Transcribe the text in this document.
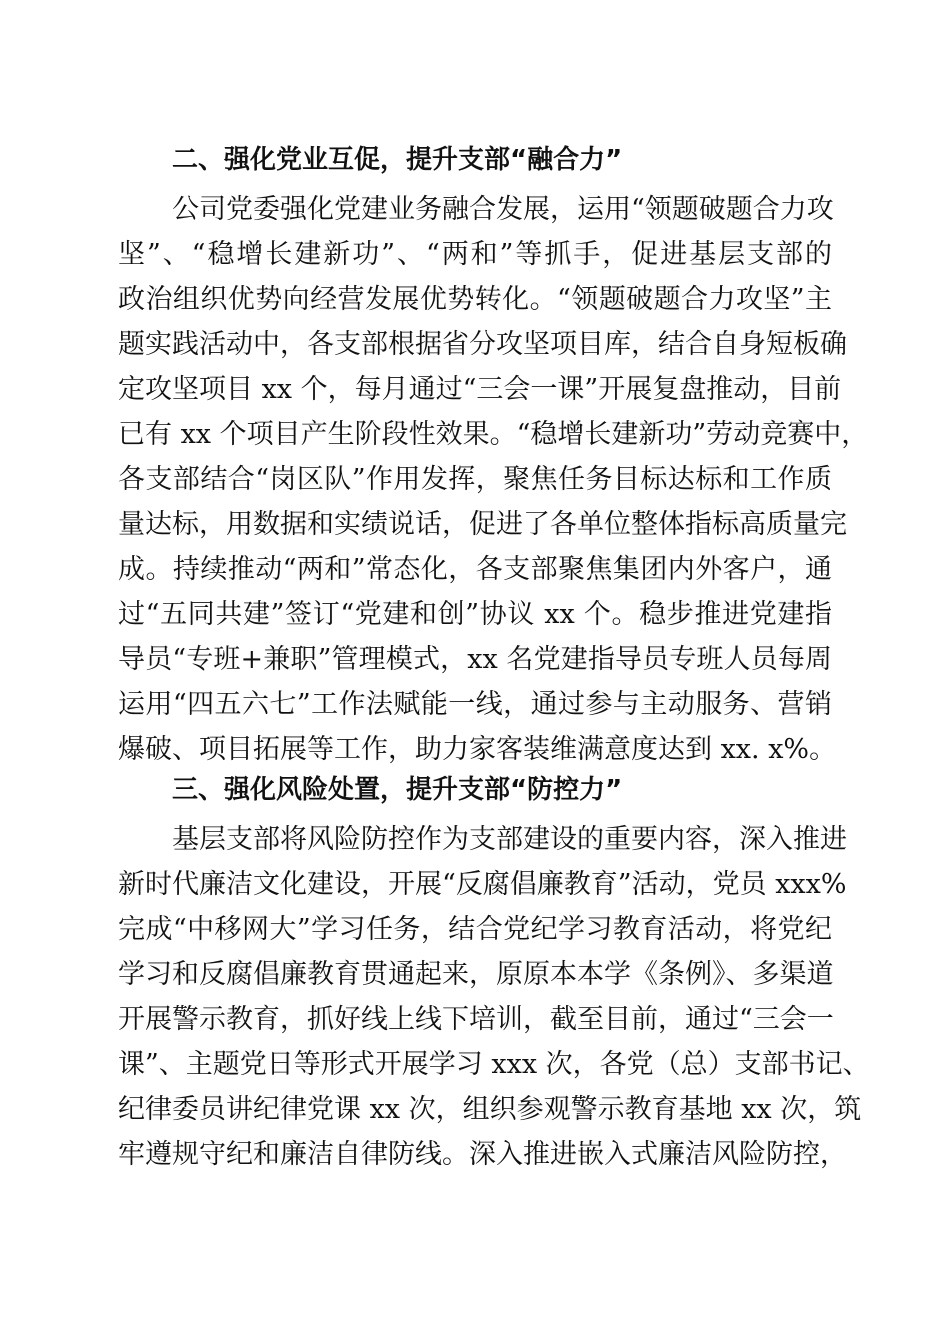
二、强化党业互促，提升支部“融合力”
公司党委强化党建业务融合发展，运用“领题破题合力攻
坚”、“稳增长建新功”、“两和”等抓手，促进基层支部的
政治组织优势向经营发展优势转化。“领题破题合力攻坚”主
题实践活动中，各支部根据省分攻坚项目库，结合自身短板确
定攻坚项目 xx 个，每月通过“三会一课”开展复盘推动，目前
已有 xx 个项目产生阶段性效果。“稳增长建新功”劳动竞赛中，
各支部结合“岗区队”作用发挥，聚焦任务目标达标和工作质
量达标，用数据和实绩说话，促进了各单位整体指标高质量完
成。持续推动“两和”常态化，各支部聚焦集团内外客户，通
过“五同共建”签订“党建和创”协议 xx 个。稳步推进党建指
导员“专班+兼职”管理模式，xx 名党建指导员专班人员每周
运用“四五六七”工作法赋能一线，通过参与主动服务、营销
爆破、项目拓展等工作，助力家客装维满意度达到 xx. x%。
三、强化风险处置，提升支部“防控力”
基层支部将风险防控作为支部建设的重要内容，深入推进
新时代廉洁文化建设，开展“反腐倡廉教育”活动，党员 xxx%
完成“中移网大”学习任务，结合党纪学习教育活动，将党纪
学习和反腐倡廉教育贯通起来，原原本本学《条例》、多渠道
开展警示教育，抓好线上线下培训，截至目前，通过“三会一
课”、主题党日等形式开展学习 xxx 次，各党（总）支部书记、
纪律委员讲纪律党课 xx 次，组织参观警示教育基地 xx 次，筑
牢遵规守纪和廉洁自律防线。深入推进嵌入式廉洁风险防控，
